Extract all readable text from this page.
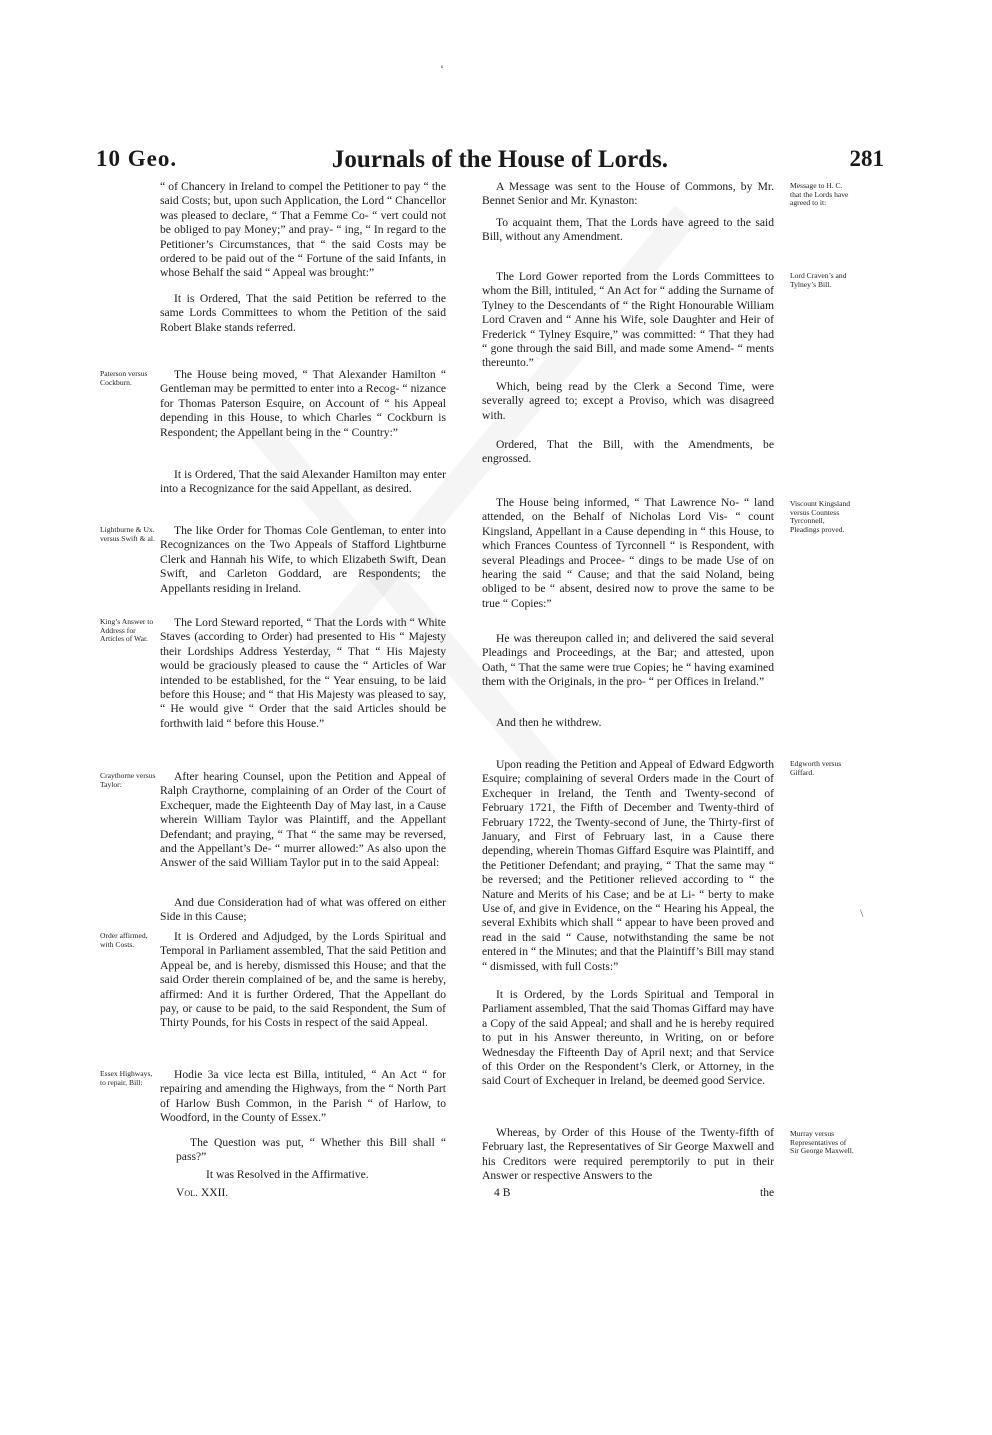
10 Geo.	Journals of the House of Lords.	281

“ of Chancery in Ireland to compel the Petitioner to pay “ the said Costs; but, upon such Application, the Lord “ Chancellor was pleased to declare, “ That a Femme Co- “ vert could not be obliged to pay Money;” and pray- “ ing, “ In regard to the Petitioner’s Circumstances, that “ the said Costs may be ordered to be paid out of the “ Fortune of the said Infants, in whose Behalf the said “ Appeal was brought:”

It is Ordered, That the said Petition be referred to the same Lords Committees to whom the Petition of the said Robert Blake stands referred.

The House being moved, “ That Alexander Hamilton “ Gentleman may be permitted to enter into a Recog- “ nizance for Thomas Paterson Esquire, on Account of “ his Appeal depending in this House, to which Charles “ Cockburn is Respondent; the Appellant being in the “ Country:”

It is Ordered, That the said Alexander Hamilton may enter into a Recognizance for the said Appellant, as desired.

The like Order for Thomas Cole Gentleman, to enter into Recognizances on the Two Appeals of Stafford Lightburne Clerk and Hannah his Wife, to which Elizabeth Swift, Dean Swift, and Carleton Goddard, are Respondents; the Appellants residing in Ireland.

The Lord Steward reported, “ That the Lords with “ White Staves (according to Order) had presented to His “ Majesty their Lordships Address Yesterday, “ That “ His Majesty would be graciously pleased to cause the “ Articles of War intended to be established, for the “ Year ensuing, to be laid before this House; and “ that His Majesty was pleased to say, “ He would give “ Order that the said Articles should be forthwith laid “ before this House.”

After hearing Counsel, upon the Petition and Appeal of Ralph Craythorne, complaining of an Order of the Court of Exchequer, made the Eighteenth Day of May last, in a Cause wherein William Taylor was Plaintiff, and the Appellant Defendant; and praying, “ That “ the same may be reversed, and the Appellant’s De- “ murrer allowed:” As also upon the Answer of the said William Taylor put in to the said Appeal:

And due Consideration had of what was offered on either Side in this Cause;

It is Ordered and Adjudged, by the Lords Spiritual and Temporal in Parliament assembled, That the said Petition and Appeal be, and is hereby, dismissed this House; and that the said Order therein complained of be, and the same is hereby, affirmed: And it is further Ordered, That the Appellant do pay, or cause to be paid, to the said Respondent, the Sum of Thirty Pounds, for his Costs in respect of the said Appeal.

Hodie 3a vice lecta est Billa, intituled, “ An Act “ for repairing and amending the Highways, from the “ North Part of Harlow Bush Common, in the Parish “ of Harlow, to Woodford, in the County of Essex.”

The Question was put, “ Whether this Bill shall “ pass?”

It was Resolved in the Affirmative.

A Message was sent to the House of Commons, by Mr. Bennet Senior and Mr. Kynaston:

To acquaint them, That the Lords have agreed to the said Bill, without any Amendment.

The Lord Gower reported from the Lords Committees to whom the Bill, intituled, “ An Act for “ adding the Surname of Tylney to the Descendants of “ the Right Honourable William Lord Craven and “ Anne his Wife, sole Daughter and Heir of Frederick “ Tylney Esquire,” was committed: “ That they had “ gone through the said Bill, and made some Amend- “ ments thereunto.”

Which, being read by the Clerk a Second Time, were severally agreed to; except a Proviso, which was disagreed with.

Ordered, That the Bill, with the Amendments, be engrossed.

The House being informed, “ That Lawrence No- “ land attended, on the Behalf of Nicholas Lord Vis- “ count Kingsland, Appellant in a Cause depending in “ this House, to which Frances Countess of Tyrconnell “ is Respondent, with several Pleadings and Procee- “ dings to be made Use of on hearing the said “ Cause; and that the said Noland, being obliged to be “ absent, desired now to prove the same to be true “ Copies:”

He was thereupon called in; and delivered the said several Pleadings and Proceedings, at the Bar; and attested, upon Oath, “ That the same were true Copies; he “ having examined them with the Originals, in the pro- “ per Offices in Ireland.”

And then he withdrew.

Upon reading the Petition and Appeal of Edward Edgworth Esquire; complaining of several Orders made in the Court of Exchequer in Ireland, the Tenth and Twenty-second of February 1721, the Fifth of December and Twenty-third of February 1722, the Twenty-second of June, the Thirty-first of January, and First of February last, in a Cause there depending, wherein Thomas Giffard Esquire was Plaintiff, and the Petitioner Defendant; and praying, “ That the same may “ be reversed; and the Petitioner relieved according to “ the Nature and Merits of his Case; and be at Li- “ berty to make Use of, and give in Evidence, on the “ Hearing his Appeal, the several Exhibits which shall “ appear to have been proved and read in the said “ Cause, notwithstanding the same be not entered in “ the Minutes; and that the Plaintiff’s Bill may stand “ dismissed, with full Costs:”

It is Ordered, by the Lords Spiritual and Temporal in Parliament assembled, That the said Thomas Giffard may have a Copy of the said Appeal; and shall and he is hereby required to put in his Answer thereunto, in Writing, on or before Wednesday the Fifteenth Day of April next; and that Service of this Order on the Respondent’s Clerk, or Attorney, in the said Court of Exchequer in Ireland, be deemed good Service.

Whereas, by Order of this House of the Twenty-fifth of February last, the Representatives of Sir George Maxwell and his Creditors were required peremptorily to put in their Answer or respective Answers to the

Paterson versus Cockburn.
Lightburne & Ux. versus Swift & al.
King’s Answer to Address for Articles of War.
Craythorne versus Taylor:
Order affirmed, with Costs.
Essex Highways, to repair, Bill:
Message to H. C. that the Lords have agreed to it:
Lord Craven’s and Tylney’s Bill.
Viscount Kingsland versus Countess Tyrconnell, Pleadings proved.
Edgworth versus Giffard.
Murray versus Representatives of Sir George Maxwell.
Vol. XXII.	4 B	the
‘
\
